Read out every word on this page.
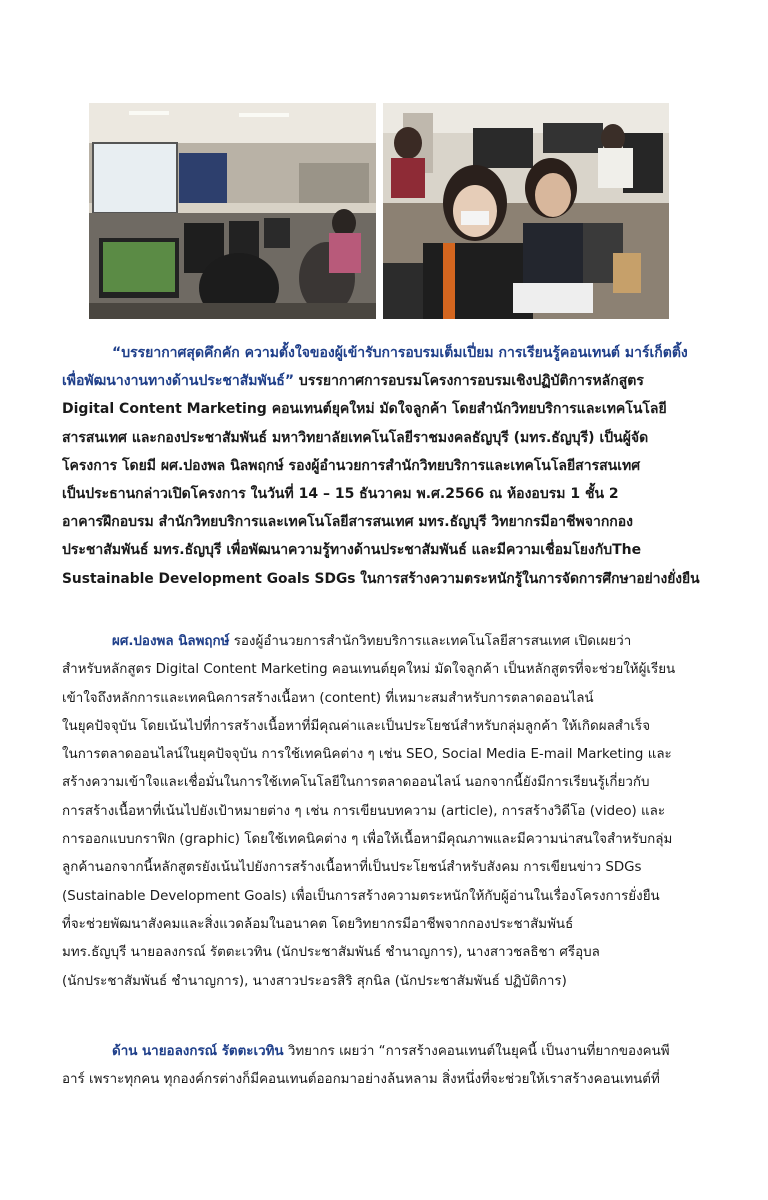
“บรรยากาศสุดคึกคัก ความตั้งใจของผู้เข้ารับการอบรมเต็มเปี่ยม การเรียนรู้คอนเทนต์ มาร์เก็ตติ้ง
เพื่อพัฒนางานทางด้านประชาสัมพันธ์” บรรยากาศการอบรมโครงการอบรมเชิงปฏิบัติการหลักสูตร
Digital Content Marketing คอนเทนต์ยุคใหม่ มัดใจลูกค้า โดยสำนักวิทยบริการและเทคโนโลยี
สารสนเทศ และกองประชาสัมพันธ์ มหาวิทยาลัยเทคโนโลยีราชมงคลธัญบุรี (มทร.ธัญบุรี) เป็นผู้จัด
โครงการ โดยมี ผศ.ปองพล นิลพฤกษ์ รองผู้อำนวยการสำนักวิทยบริการและเทคโนโลยีสารสนเทศ
เป็นประธานกล่าวเปิดโครงการ ในวันที่ 14 – 15 ธันวาคม พ.ศ.2566 ณ ห้องอบรม 1 ชั้น 2
อาคารฝึกอบรม สำนักวิทยบริการและเทคโนโลยีสารสนเทศ มทร.ธัญบุรี วิทยากรมีอาชีพจากกอง
ประชาสัมพันธ์ มทร.ธัญบุรี เพื่อพัฒนาความรู้ทางด้านประชาสัมพันธ์ และมีความเชื่อมโยงกับThe
Sustainable Development Goals SDGs ในการสร้างความตระหนักรู้ในการจัดการศึกษาอย่างยั่งยืน
ผศ.ปองพล นิลพฤกษ์ รองผู้อำนวยการสำนักวิทยบริการและเทคโนโลยีสารสนเทศ เปิดเผยว่า
สำหรับหลักสูตร Digital Content Marketing คอนเทนต์ยุคใหม่ มัดใจลูกค้า เป็นหลักสูตรที่จะช่วยให้ผู้เรียน
เข้าใจถึงหลักการและเทคนิคการสร้างเนื้อหา (content) ที่เหมาะสมสำหรับการตลาดออนไลน์
ในยุคปัจจุบัน โดยเน้นไปที่การสร้างเนื้อหาที่มีคุณค่าและเป็นประโยชน์สำหรับกลุ่มลูกค้า ให้เกิดผลสำเร็จ
ในการตลาดออนไลน์ในยุคปัจจุบัน การใช้เทคนิคต่าง ๆ เช่น SEO, Social Media E-mail Marketing และ
สร้างความเข้าใจและเชื่อมั่นในการใช้เทคโนโลยีในการตลาดออนไลน์ นอกจากนี้ยังมีการเรียนรู้เกี่ยวกับ
การสร้างเนื้อหาที่เน้นไปยังเป้าหมายต่าง ๆ เช่น การเขียนบทความ (article), การสร้างวิดีโอ (video) และ
การออกแบบกราฟิก (graphic) โดยใช้เทคนิคต่าง ๆ เพื่อให้เนื้อหามีคุณภาพและมีความน่าสนใจสำหรับกลุ่ม
ลูกค้านอกจากนี้หลักสูตรยังเน้นไปยังการสร้างเนื้อหาที่เป็นประโยชน์สำหรับสังคม การเขียนข่าว SDGs
(Sustainable Development Goals) เพื่อเป็นการสร้างความตระหนักให้กับผู้อ่านในเรื่องโครงการยั่งยืน
ที่จะช่วยพัฒนาสังคมและสิ่งแวดล้อมในอนาคต โดยวิทยากรมีอาชีพจากกองประชาสัมพันธ์
มทร.ธัญบุรี นายอลงกรณ์ รัตตะเวทิน (นักประชาสัมพันธ์ ชำนาญการ), นางสาวชลธิชา ศรีอุบล
(นักประชาสัมพันธ์ ชำนาญการ), นางสาวประอรสิริ สุกนิล (นักประชาสัมพันธ์ ปฏิบัติการ)
ด้าน นายอลงกรณ์ รัตตะเวทิน วิทยากร เผยว่า “การสร้างคอนเทนต์ในยุคนี้ เป็นงานที่ยากของคนพี
อาร์ เพราะทุกคน ทุกองค์กรต่างก็มีคอนเทนต์ออกมาอย่างล้นหลาม สิ่งหนึ่งที่จะช่วยให้เราสร้างคอนเทนต์ที่
